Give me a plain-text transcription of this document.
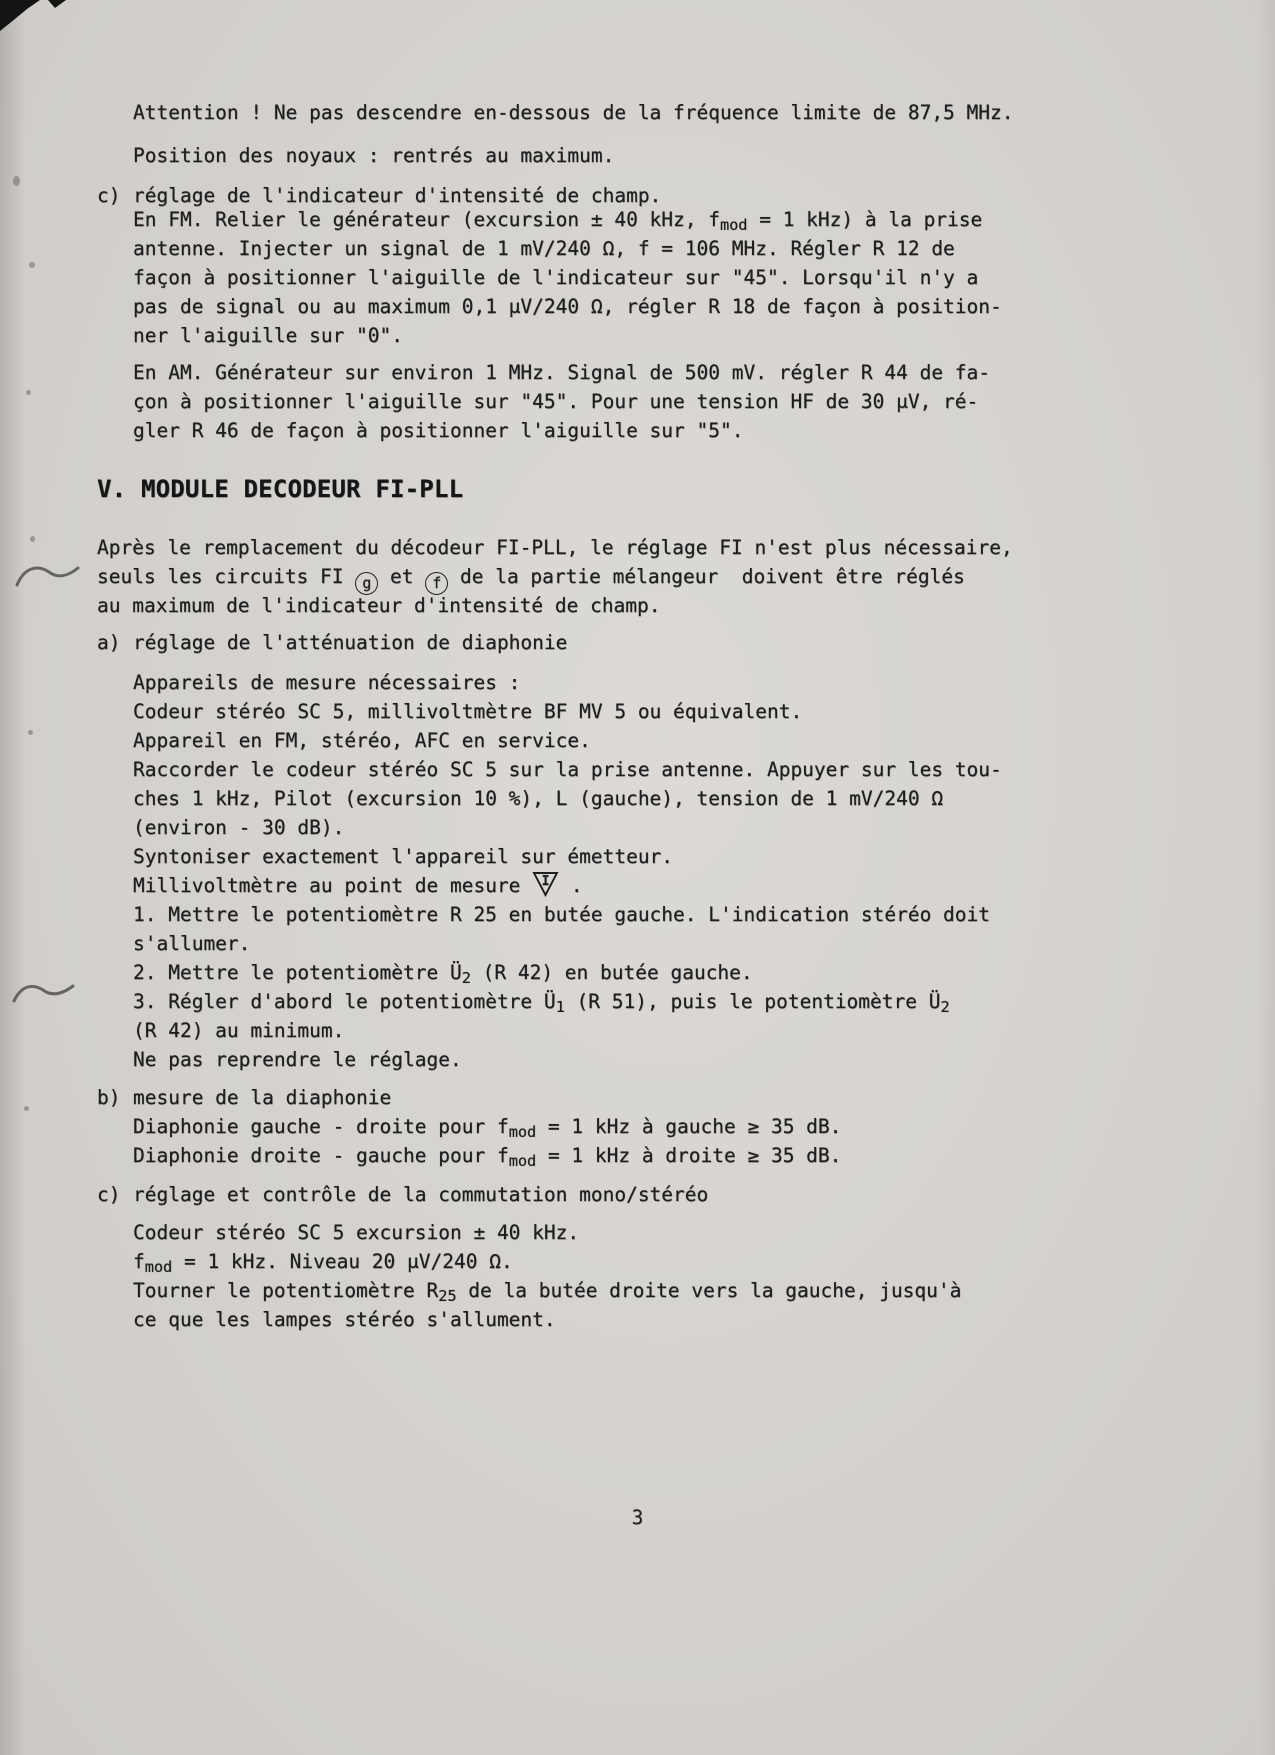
Attention ! Ne pas descendre en-dessous de la fréquence limite de 87,5 MHz.
Position des noyaux : rentrés au maximum.
c) réglage de l'indicateur d'intensité de champ.
En FM. Relier le générateur (excursion ± 40 kHz, $f_{mod} = 1$ kHz) à la prise
antenne. Injecter un signal de 1 mV/240 Ω, f = 106 MHz. Régler R 12 de
façon à positionner l'aiguille de l'indicateur sur "45". Lorsqu'il n'y a
pas de signal ou au maximum 0,1 μV/240 Ω, régler R 18 de façon à position-
ner l'aiguille sur "0".
En AM. Générateur sur environ 1 MHz. Signal de 500 mV. régler R 44 de fa-
çon à positionner l'aiguille sur "45". Pour une tension HF de 30 μV, ré-
gler R 46 de façon à positionner l'aiguille sur "5".
V. MODULE DECODEUR FI-PLL
Après le remplacement du décodeur FI-PLL, le réglage FI n'est plus nécessaire,
seuls les circuits FI g et f de la partie mélangeur  doivent être réglés
au maximum de l'indicateur d'intensité de champ.
a) réglage de l'atténuation de diaphonie
Appareils de mesure nécessaires :
Codeur stéréo SC 5, millivoltmètre BF MV 5 ou équivalent.
Appareil en FM, stéréo, AFC en service.
Raccorder le codeur stéréo SC 5 sur la prise antenne. Appuyer sur les tou-
ches 1 kHz, Pilot (excursion 10 %), L (gauche), tension de 1 mV/240 Ω
(environ - 30 dB).
Syntoniser exactement l'appareil sur émetteur.
Millivoltmètre au point de mesure I .
1. Mettre le potentiomètre R 25 en butée gauche. L'indication stéréo doit
s'allumer.
2. Mettre le potentiomètre $Ü_2$ (R 42) en butée gauche.
3. Régler d'abord le potentiomètre $Ü_1$ (R 51), puis le potentiomètre $Ü_2$
(R 42) au minimum.
Ne pas reprendre le réglage.
b) mesure de la diaphonie
Diaphonie gauche - droite pour $f_{mod} = 1$ kHz à gauche ≥ 35 dB.
Diaphonie droite - gauche pour $f_{mod} = 1$ kHz à droite ≥ 35 dB.
c) réglage et contrôle de la commutation mono/stéréo
Codeur stéréo SC 5 excursion ± 40 kHz.
$f_{mod} = 1$ kHz. Niveau 20 μV/240 Ω.
Tourner le potentiomètre $R_{25}$ de la butée droite vers la gauche, jusqu'à
ce que les lampes stéréo s'allument.
3
